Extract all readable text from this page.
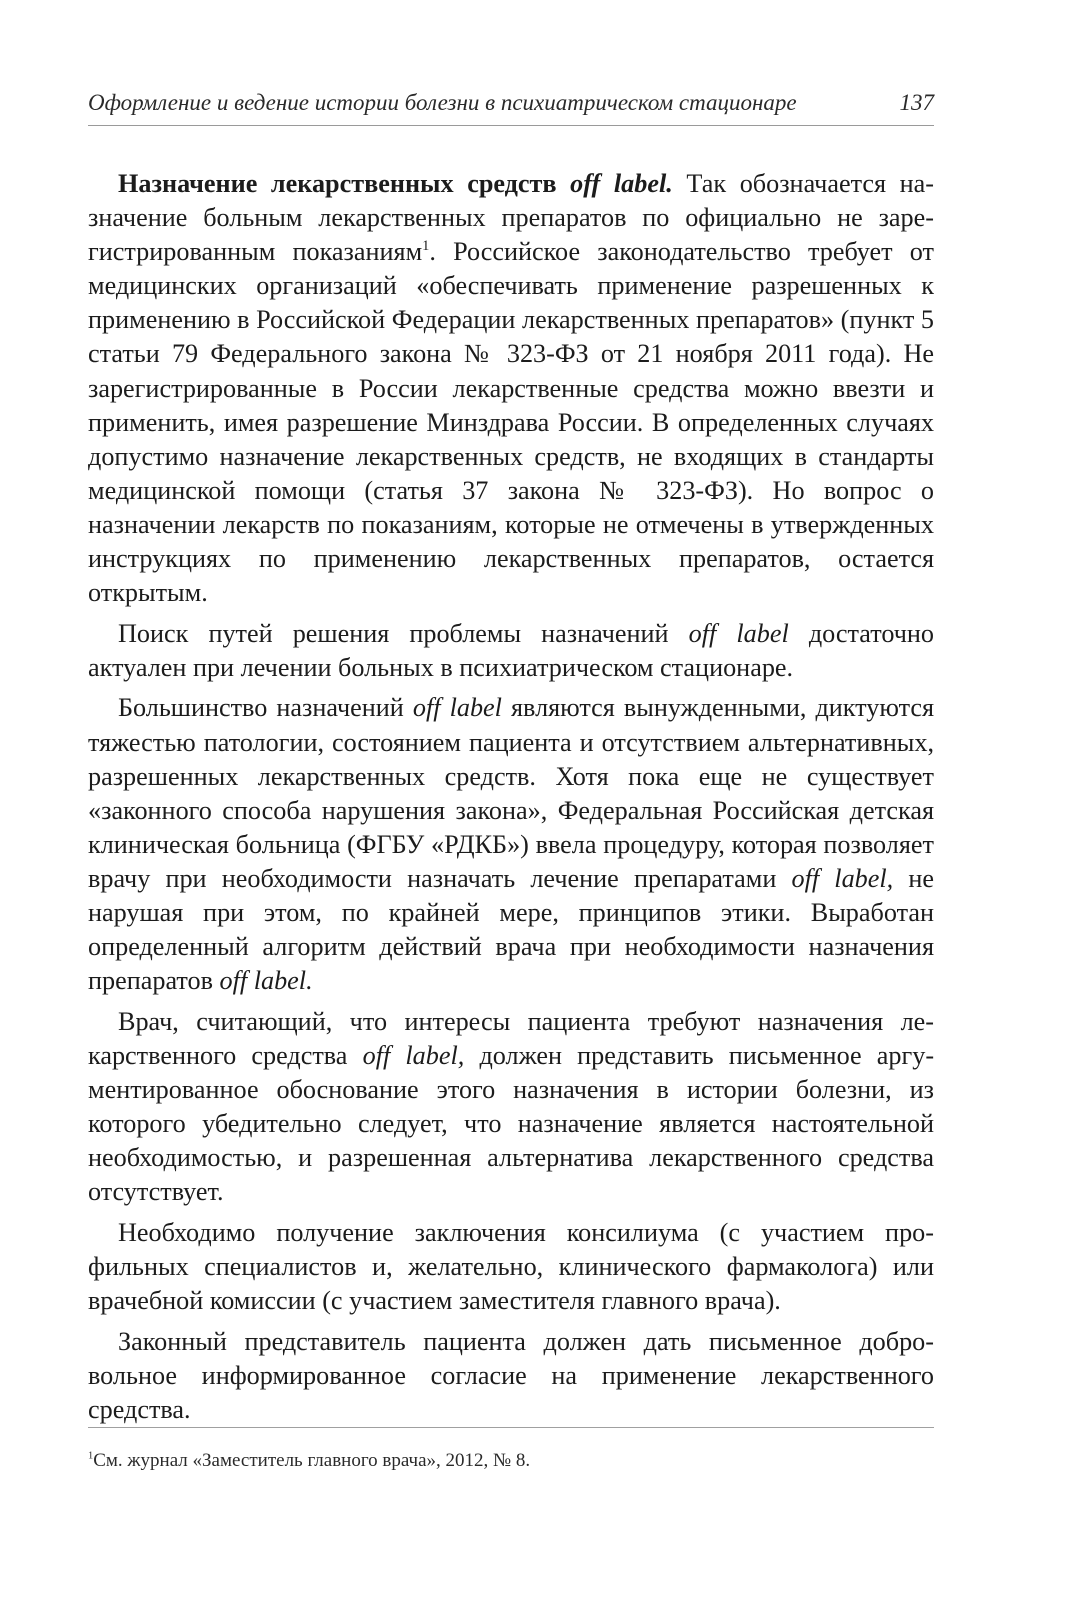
Оформление и ведение истории болезни в психиатрическом стационаре	137

Назначение лекарственных средств off label. Так обозначается назначение больным лекарственных препаратов по официально не зарегистрированным показаниям$^1$. Российское законодательство требует от медицинских организаций «обеспечивать применение разрешенных к применению в Российской Федерации лекарственных препаратов» (пункт 5 статьи 79 Федерального закона № 323-ФЗ от 21 ноября 2011 года). Не зарегистрированные в России лекарственные средства можно ввезти и применить, имея разрешение Минздрава России. В определенных случаях допустимо назначение лекарственных средств, не входящих в стандарты медицинской помощи (статья 37 закона № 323-ФЗ). Но вопрос о назначении лекарств по показаниям, которые не отмечены в утвержденных инструкциях по применению лекарственных препаратов, остается открытым.

Поиск путей решения проблемы назначений off label достаточно актуален при лечении больных в психиатрическом стационаре.

Большинство назначений off label являются вынужденными, диктуются тяжестью патологии, состоянием пациента и отсутствием альтернативных, разрешенных лекарственных средств. Хотя пока еще не существует «законного способа нарушения закона», Федеральная Российская детская клиническая больница (ФГБУ «РДКБ») ввела процедуру, которая позволяет врачу при необходимости назначать лечение препаратами off label, не нарушая при этом, по крайней мере, принципов этики. Выработан определенный алгоритм действий врача при необходимости назначения препаратов off label.

Врач, считающий, что интересы пациента требуют назначения лекарственного средства off label, должен представить письменное аргументированное обоснование этого назначения в истории болезни, из которого убедительно следует, что назначение является настоятельной необходимостью, и разрешенная альтернатива лекарственного средства отсутствует.

Необходимо получение заключения консилиума (с участием профильных специалистов и, желательно, клинического фармаколога) или врачебной комиссии (с участием заместителя главного врача).

Законный представитель пациента должен дать письменное добровольное информированное согласие на применение лекарственного средства.

$^1$См. журнал «Заместитель главного врача», 2012, № 8.
